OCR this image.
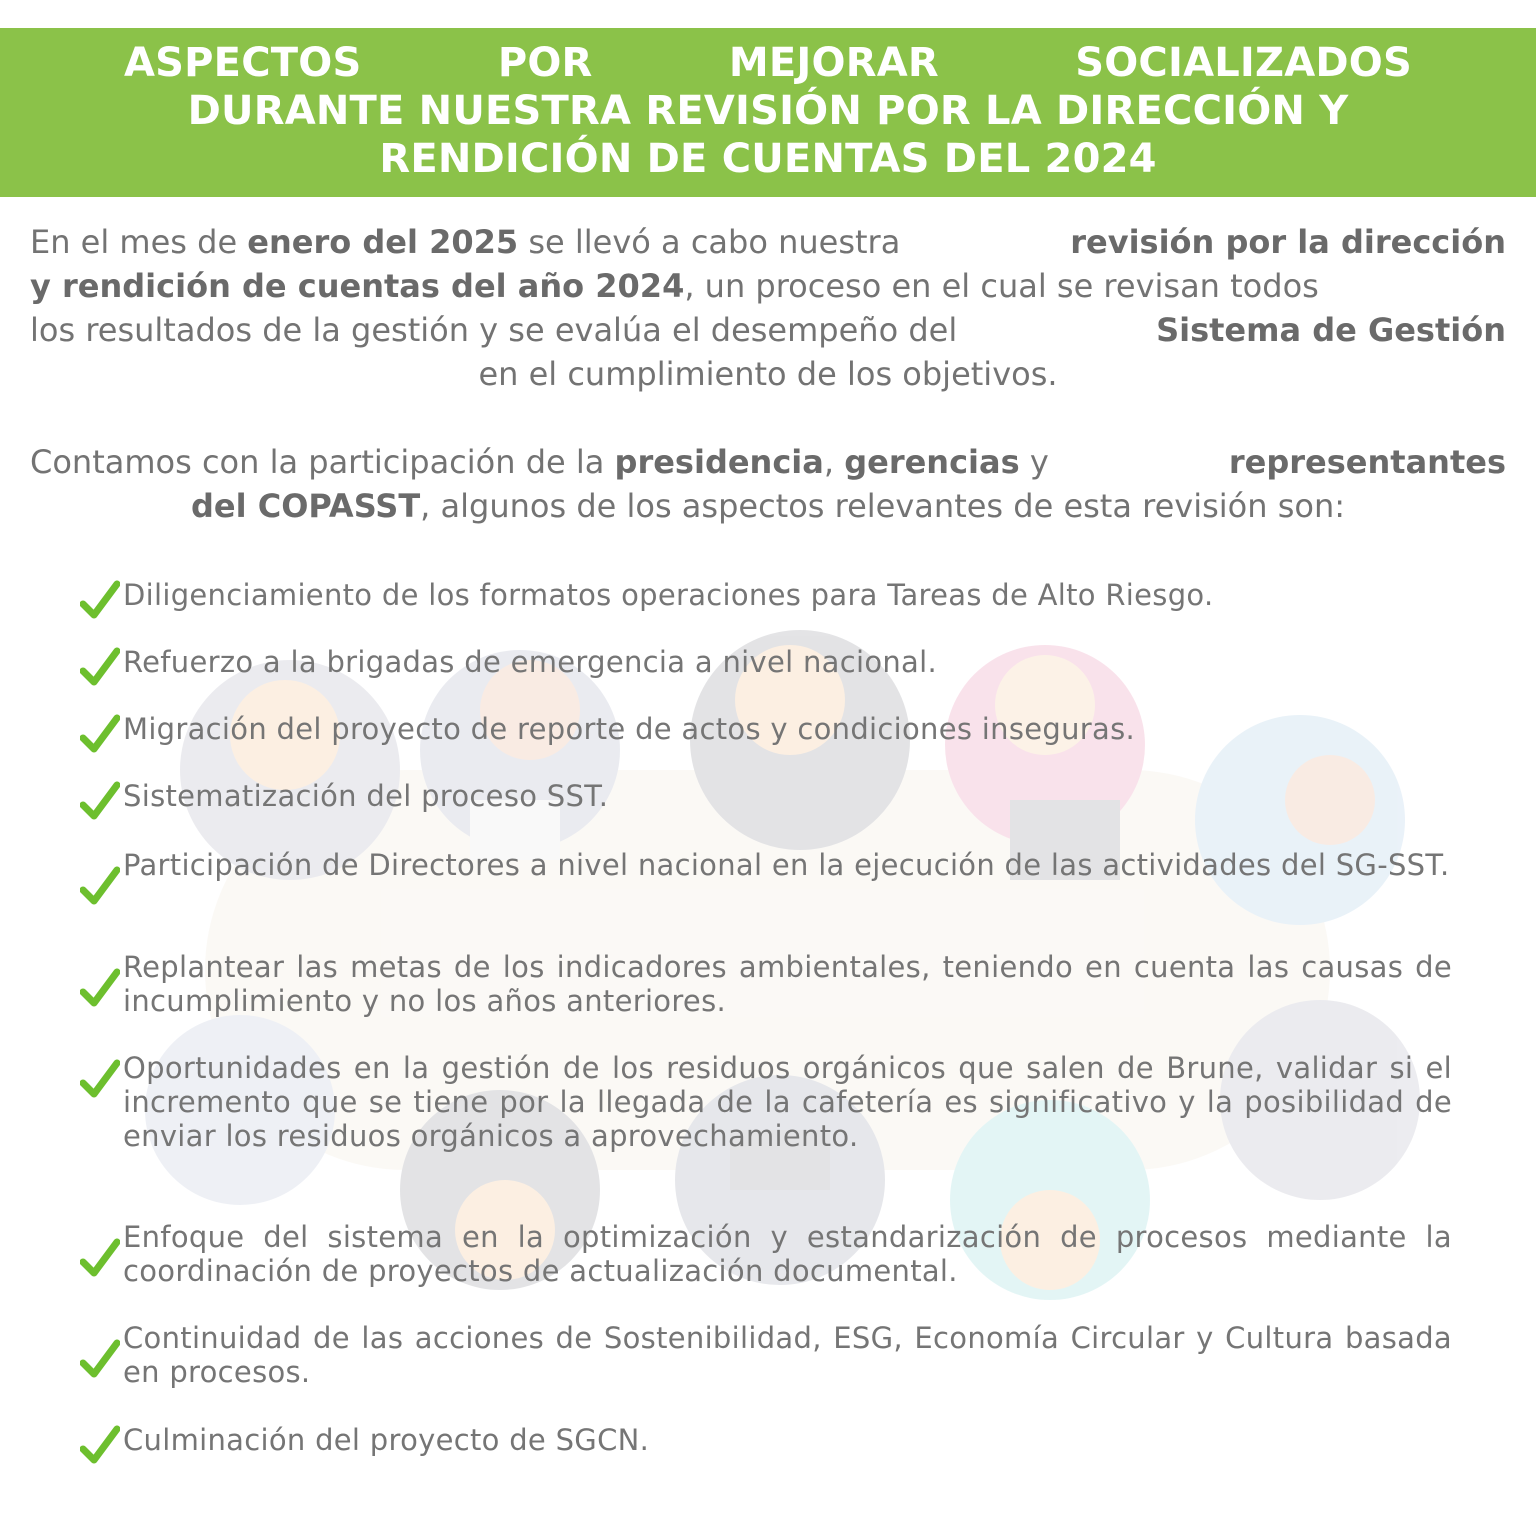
ASPECTOS	POR	MEJORAR	SOCIALIZADOS
DURANTE NUESTRA REVISIÓN POR LA DIRECCIÓN Y
RENDICIÓN DE CUENTAS DEL 2024
En el mes de enero del 2025 se llevó a cabo nuestra	revisión por la dirección
y rendición de cuentas del año 2024, un proceso en el cual se revisan todos
los resultados de la gestión y se evalúa el desempeño del	Sistema de Gestión
en el cumplimiento de los objetivos.
Contamos con la participación de la presidencia, gerencias y	representantes
del COPASST, algunos de los aspectos relevantes de esta revisión son:
Diligenciamiento de los formatos operaciones para Tareas de Alto Riesgo.
Refuerzo a la brigadas de emergencia a nivel nacional.
Migración del proyecto de reporte de actos y condiciones inseguras.
Sistematización del proceso SST.
Participación de Directores a nivel nacional en la ejecución de las actividades del SG-SST.
Replantear las metas de los indicadores ambientales, teniendo en cuenta las causas de incumplimiento y no los años anteriores.
Oportunidades en la gestión de los residuos orgánicos que salen de Brune, validar si el incremento que se tiene por la llegada de la cafetería es significativo y la posibilidad de enviar los residuos orgánicos a aprovechamiento.
Enfoque del sistema en la optimización y estandarización de procesos mediante la coordinación de proyectos de actualización documental.
Continuidad de las acciones de Sostenibilidad, ESG, Economía Circular y Cultura basada en procesos.
Culminación del proyecto de SGCN.
